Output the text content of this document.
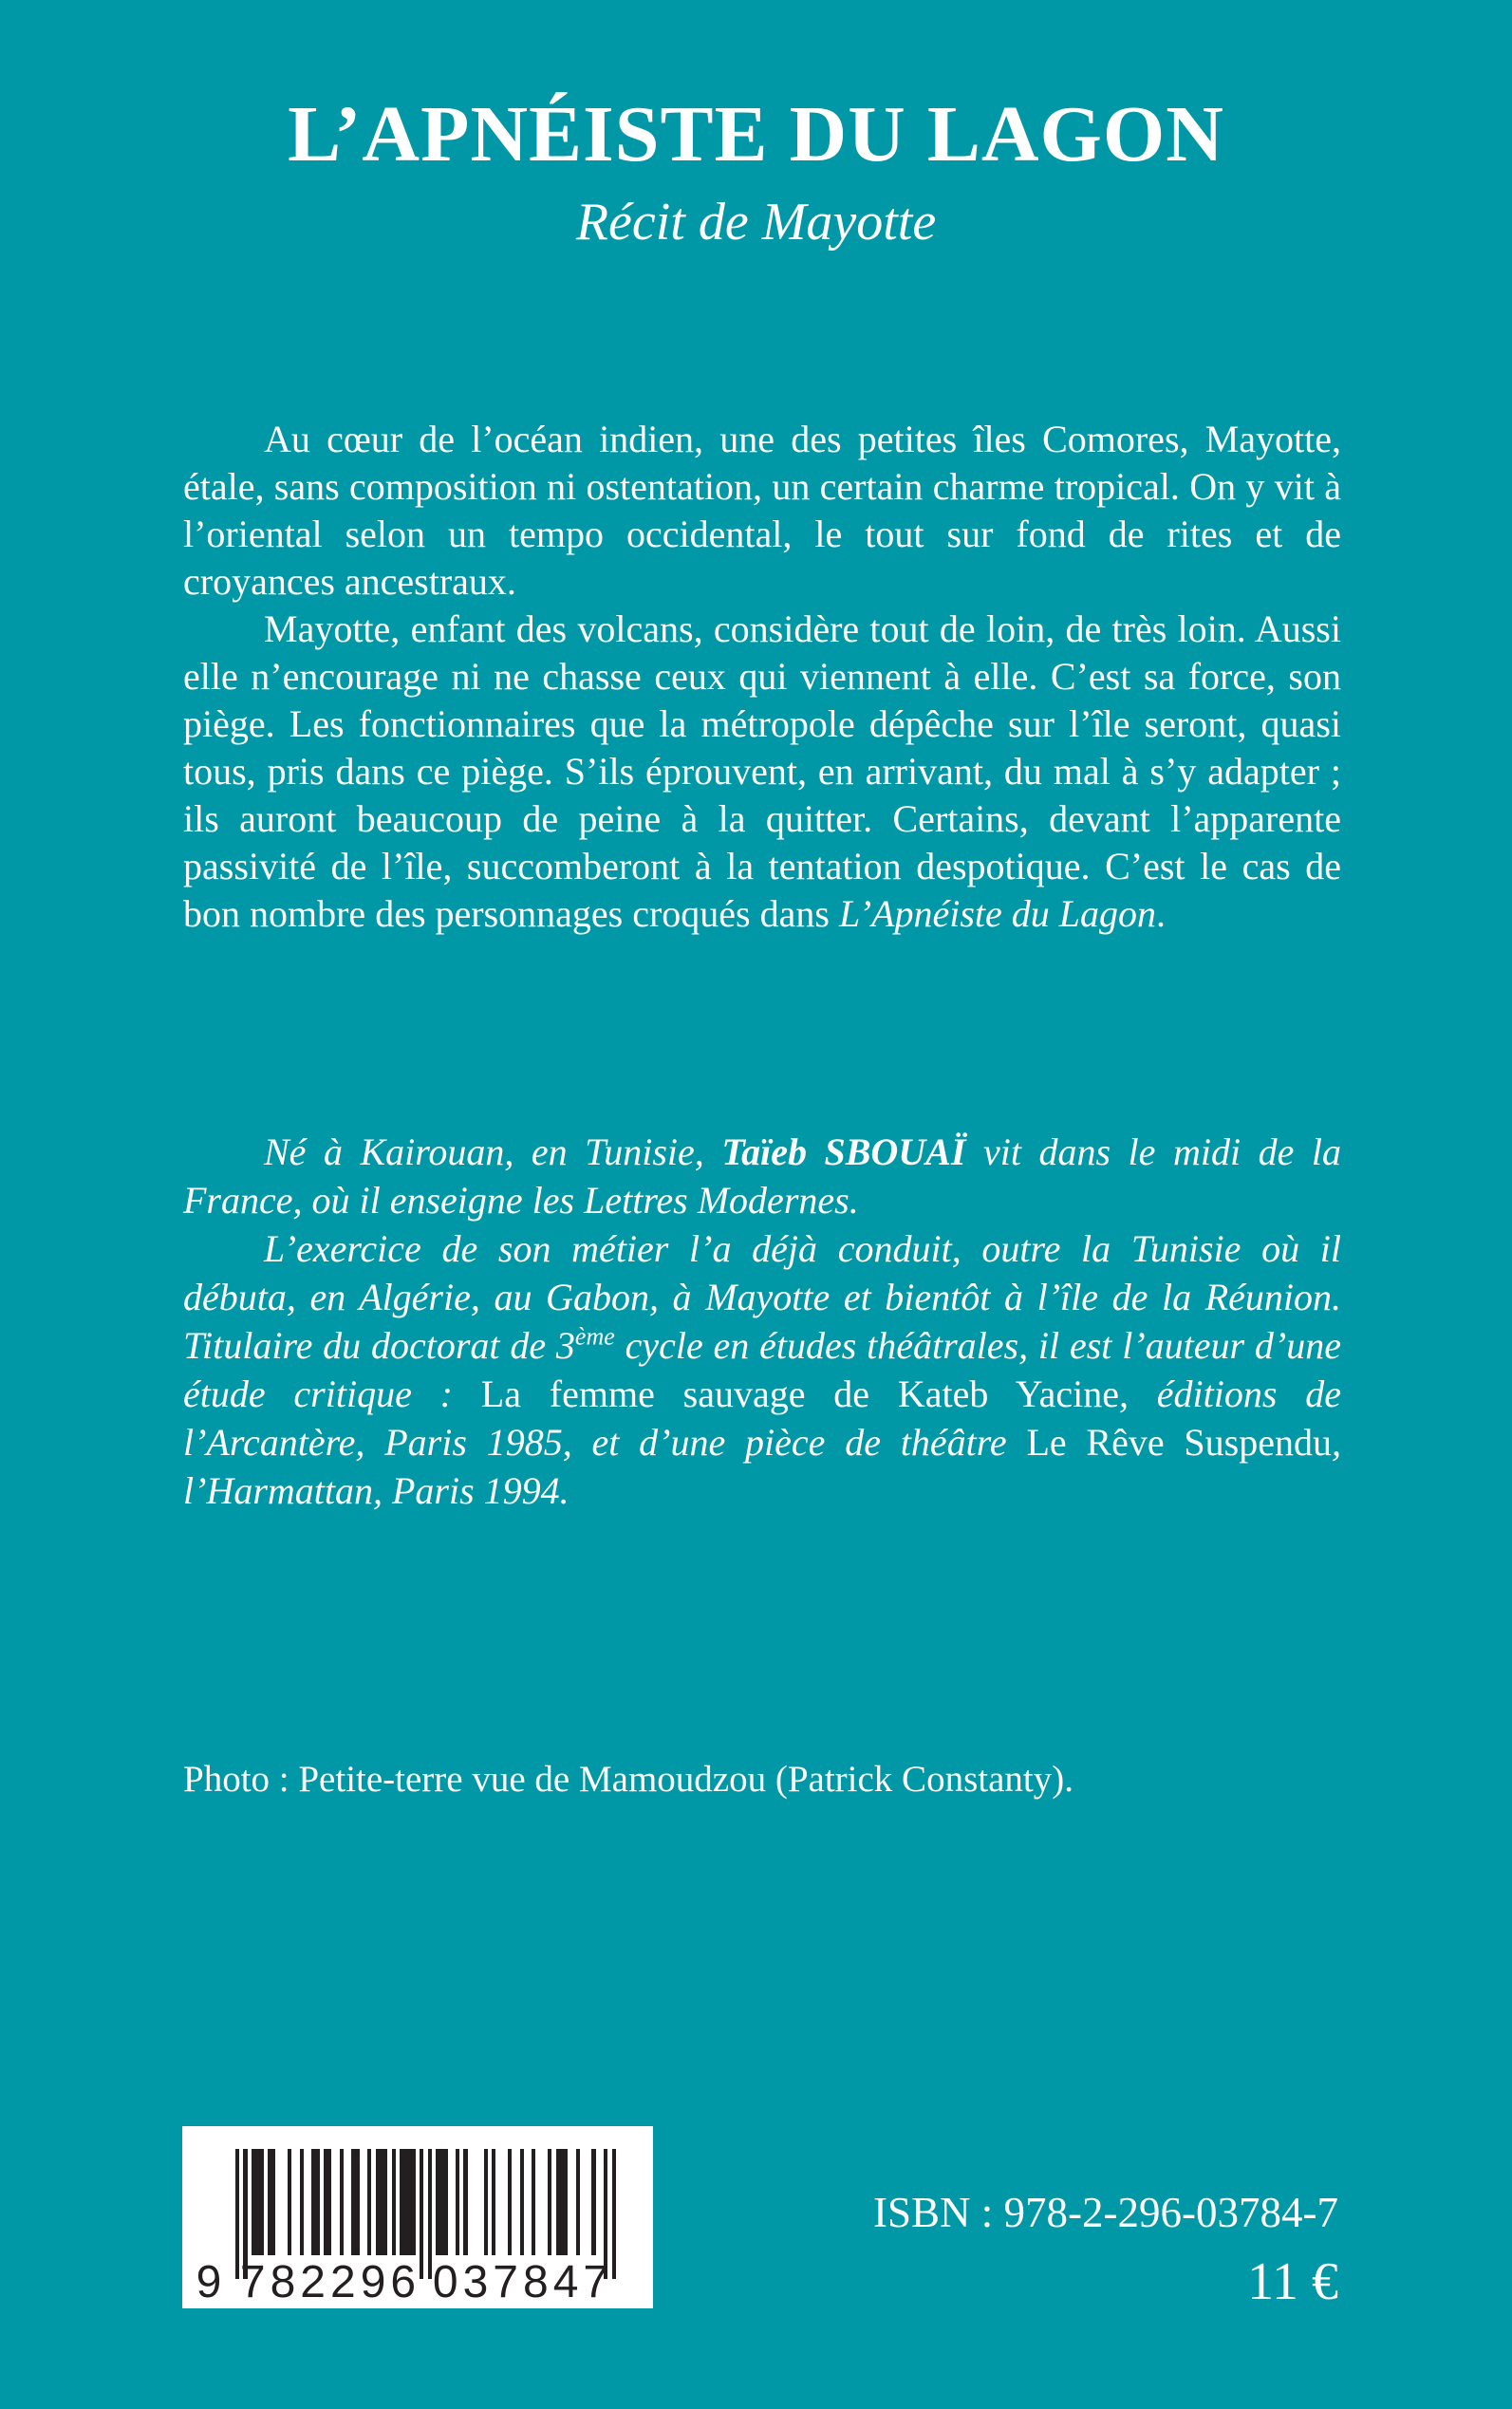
L’APNÉISTE DU LAGON
Récit de Mayotte

Au cœur de l’océan indien, une des petites îles Comores, Mayotte, étale, sans composition ni ostentation, un certain charme tropical. On y vit à l’oriental selon un tempo occidental, le tout sur fond de rites et de croyances ancestraux.

Mayotte, enfant des volcans, considère tout de loin, de très loin. Aussi elle n’encourage ni ne chasse ceux qui viennent à elle. C’est sa force, son piège. Les fonctionnaires que la métropole dépêche sur l’île seront, quasi tous, pris dans ce piège. S’ils éprouvent, en arrivant, du mal à s’y adapter ; ils auront beaucoup de peine à la quitter. Certains, devant l’apparente passivité de l’île, succomberont à la tentation despotique. C’est le cas de bon nombre des personnages croqués dans L’Apnéiste du Lagon.

Né à Kairouan, en Tunisie, Taïeb SBOUAÏ vit dans le midi de la France, où il enseigne les Lettres Modernes.

L’exercice de son métier l’a déjà conduit, outre la Tunisie où il débuta, en Algérie, au Gabon, à Mayotte et bientôt à l’île de la Réunion. Titulaire du doctorat de 3ème cycle en études théâtrales, il est l’auteur d’une étude critique : La femme sauvage de Kateb Yacine, éditions de l’Arcantère, Paris 1985, et d’une pièce de théâtre Le Rêve Suspendu, l’Harmattan, Paris 1994.

Photo : Petite-terre vue de Mamoudzou (Patrick Constanty).

9 782296 037847

ISBN : 978-2-296-03784-7

11 €
